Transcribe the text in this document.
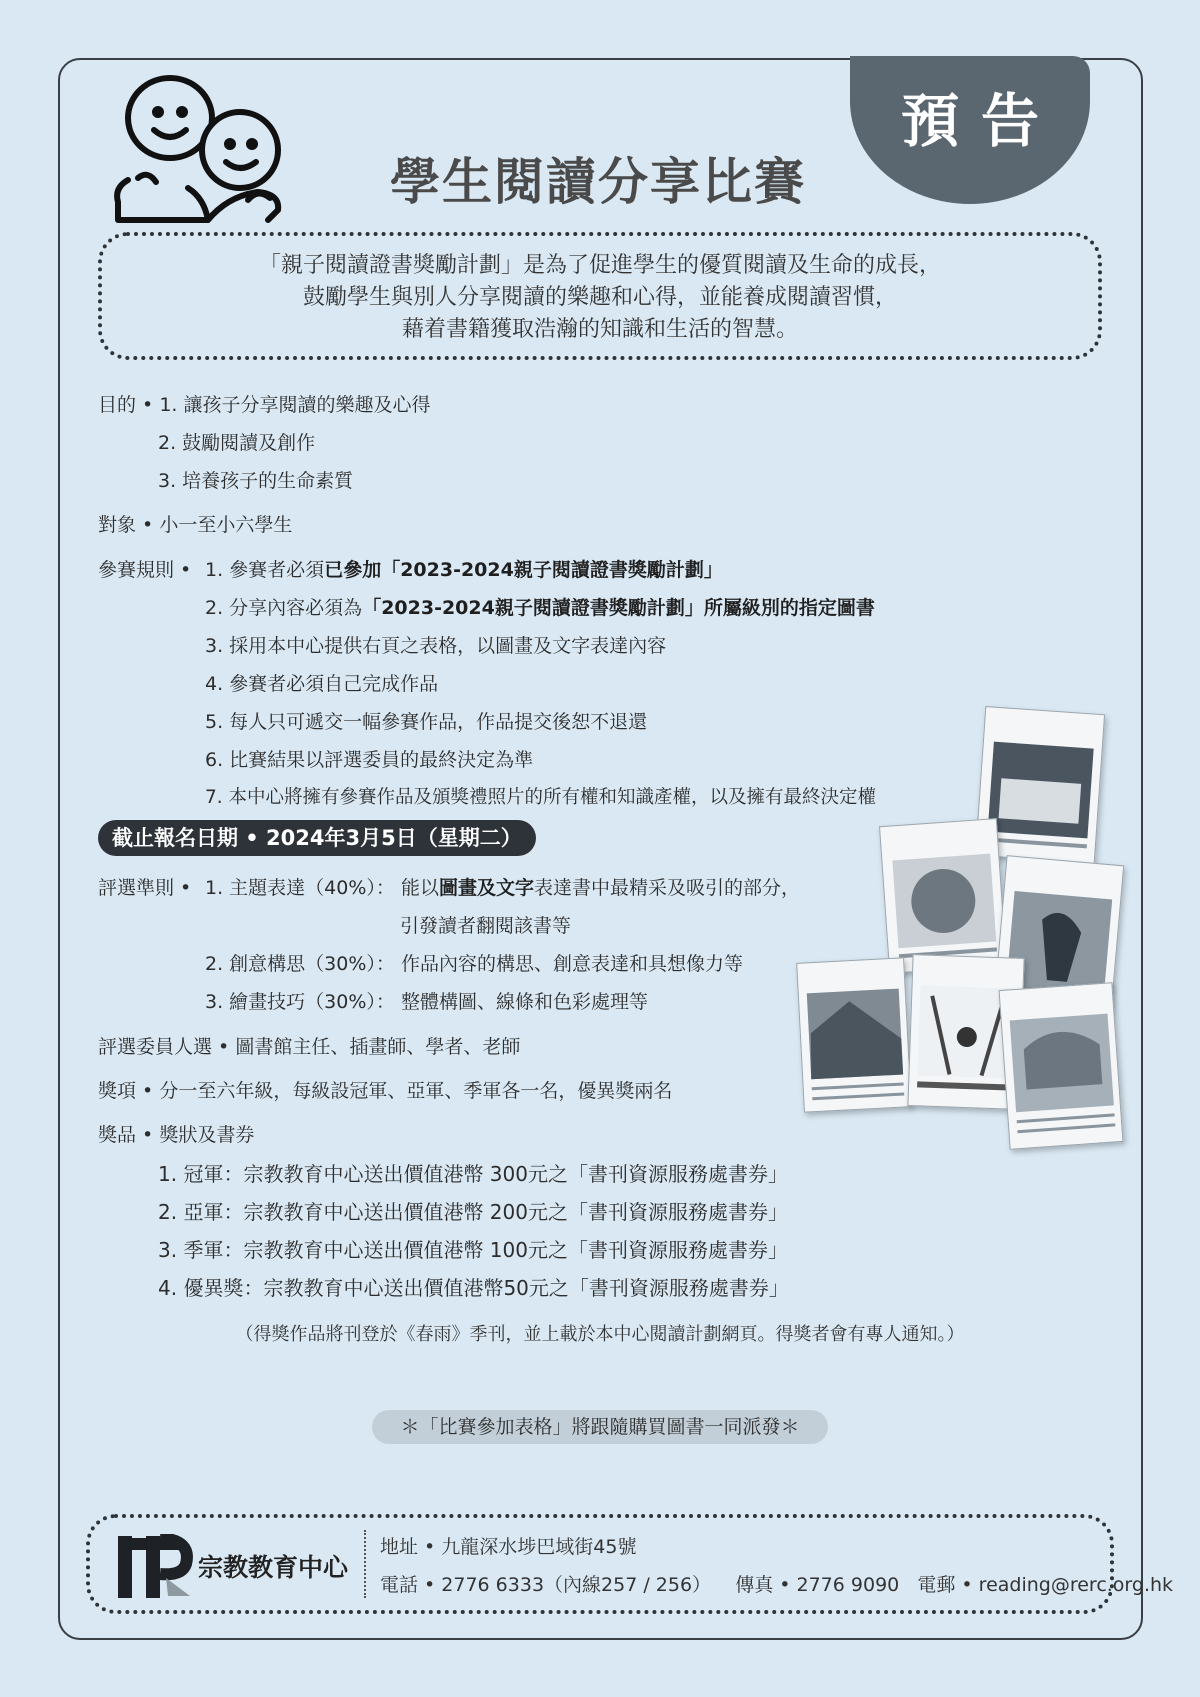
預告
學生閱讀分享比賽
「親子閱讀證書獎勵計劃」是為了促進學生的優質閱讀及生命的成長，
鼓勵學生與別人分享閱讀的樂趣和心得，並能養成閱讀習慣，
藉着書籍獲取浩瀚的知識和生活的智慧。
目的 • 1. 讓孩子分享閱讀的樂趣及心得
2. 鼓勵閱讀及創作
3. 培養孩子的生命素質
對象 • 小一至小六學生
參賽規則 • 1. 參賽者必須已參加「2023-2024親子閱讀證書獎勵計劃」
2. 分享內容必須為「2023-2024親子閱讀證書獎勵計劃」所屬級別的指定圖書
3. 採用本中心提供右頁之表格，以圖畫及文字表達內容
4. 參賽者必須自己完成作品
5. 每人只可遞交一幅參賽作品，作品提交後恕不退還
6. 比賽結果以評選委員的最終決定為準
7. 本中心將擁有參賽作品及頒獎禮照片的所有權和知識產權，以及擁有最終決定權
截止報名日期 • 2024年3月5日（星期二）
評選準則 • 1. 主題表達（40%）： 能以圖畫及文字表達書中最精采及吸引的部分，
引發讀者翻閱該書等
2. 創意構思（30%）： 作品內容的構思、創意表達和具想像力等
3. 繪畫技巧（30%）： 整體構圖、線條和色彩處理等
評選委員人選 • 圖書館主任、插畫師、學者、老師
獎項 • 分一至六年級，每級設冠軍、亞軍、季軍各一名，優異獎兩名
獎品 • 獎狀及書券
1. 冠軍：宗教教育中心送出價值港幣 300元之「書刊資源服務處書券」
2. 亞軍：宗教教育中心送出價值港幣 200元之「書刊資源服務處書券」
3. 季軍：宗教教育中心送出價值港幣 100元之「書刊資源服務處書券」
4. 優異獎：宗教教育中心送出價值港幣50元之「書刊資源服務處書券」
（得獎作品將刊登於《春雨》季刊，並上載於本中心閱讀計劃網頁。得獎者會有專人通知。）
＊「比賽參加表格」將跟隨購買圖書一同派發＊
宗教教育中心
地址 • 九龍深水埗巴域街45號
電話 • 2776 6333（內線257 / 256） 傳真 • 2776 9090 電郵 • reading@rerc.org.hk
